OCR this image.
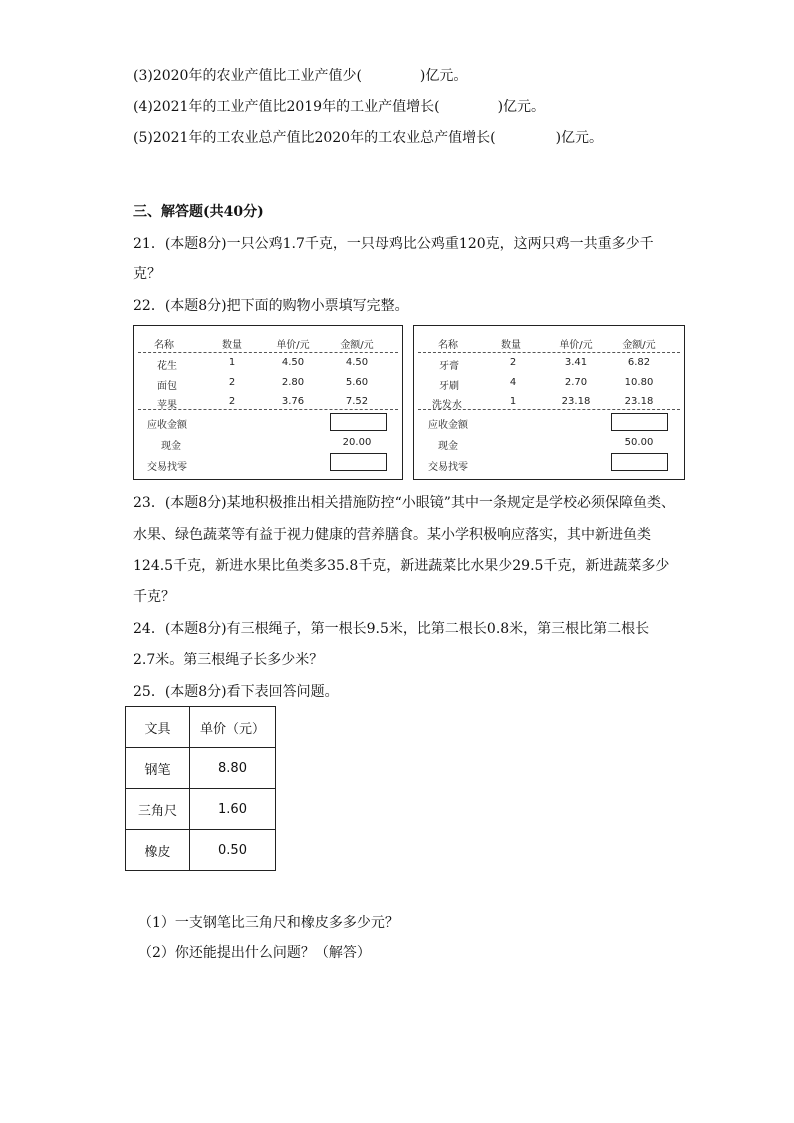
(3)2020年的农业产值比工业产值少(	)亿元。
(4)2021年的工业产值比2019年的工业产值增长(	)亿元。
(5)2021年的工农业总产值比2020年的工农业总产值增长(	)亿元。
三、解答题(共40分)
21．(本题8分)一只公鸡1.7千克，一只母鸡比公鸡重120克，这两只鸡一共重多少千
克？
22．(本题8分)把下面的购物小票填写完整。
名称	数量	单价/元	金额/元
花生	1	4.50	4.50
面包	2	2.80	5.60
苹果	2	3.76	7.52
应收金额
现金	20.00
交易找零
名称	数量	单价/元	金额/元
牙膏	2	3.41	6.82
牙刷	4	2.70	10.80
洗发水	1	23.18	23.18
应收金额
现金	50.00
交易找零
23．(本题8分)某地积极推出相关措施防控“小眼镜”其中一条规定是学校必须保障鱼类、
水果、绿色蔬菜等有益于视力健康的营养膳食。某小学积极响应落实，其中新进鱼类
124.5千克，新进水果比鱼类多35.8千克，新进蔬菜比水果少29.5千克，新进蔬菜多少
千克？
24．(本题8分)有三根绳子，第一根长9.5米，比第二根长0.8米，第三根比第二根长
2.7米。第三根绳子长多少米？
25．(本题8分)看下表回答问题。
文具	单价（元）
钢笔	8.80
三角尺	1.60
橡皮	0.50
（1）一支钢笔比三角尺和橡皮多多少元？
（2）你还能提出什么问题？（解答）
